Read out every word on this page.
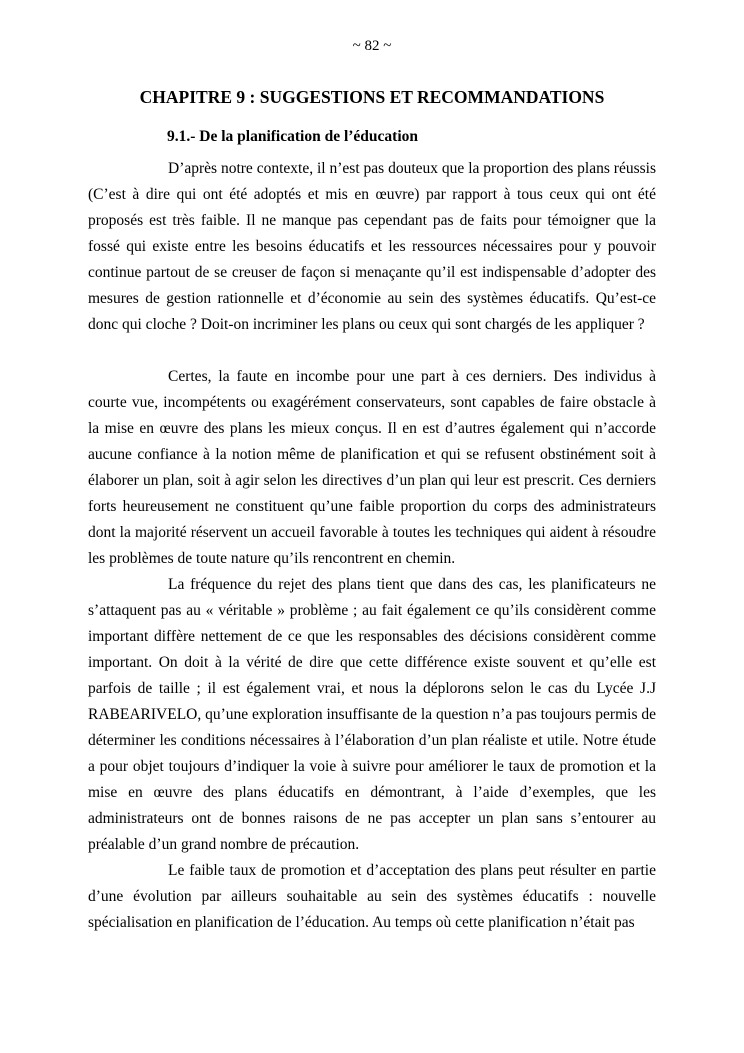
~ 82 ~
CHAPITRE 9 : SUGGESTIONS ET RECOMMANDATIONS
9.1.- De la planification de l’éducation

D’après notre contexte, il n’est pas douteux que la proportion des plans réussis (C’est à dire qui ont été adoptés et mis en œuvre) par rapport à tous ceux qui ont été proposés est très faible. Il ne manque pas cependant pas de faits pour témoigner que la fossé qui existe entre les besoins éducatifs et les ressources nécessaires pour y pouvoir continue partout de se creuser de façon si menaçante qu’il est indispensable d’adopter des mesures de gestion rationnelle et d’économie au sein des systèmes éducatifs. Qu’est-ce donc qui cloche ? Doit-on incriminer les plans ou ceux qui sont chargés de les appliquer ?

Certes, la faute en incombe pour une part à ces derniers. Des individus à courte vue, incompétents ou exagérément conservateurs, sont capables de faire obstacle à la mise en œuvre des plans les mieux conçus. Il en est d’autres également qui n’accorde aucune confiance à la notion même de planification et qui se refusent obstinément soit à élaborer un plan, soit à agir selon les directives d’un plan qui leur est prescrit. Ces derniers forts heureusement ne constituent qu’une faible proportion du corps des administrateurs dont la majorité réservent un accueil favorable à toutes les techniques qui aident à résoudre les problèmes de toute nature qu’ils rencontrent en chemin.

La fréquence du rejet des plans tient que dans des cas, les planificateurs ne s’attaquent pas au « véritable » problème ; au fait également ce qu’ils considèrent comme important diffère nettement de ce que les responsables des décisions considèrent comme important. On doit à la vérité de dire que cette différence existe souvent et qu’elle est parfois de taille ; il est également vrai, et nous la déplorons selon le cas du Lycée J.J RABEARIVELO, qu’une exploration insuffisante de la question n’a pas toujours permis de déterminer les conditions nécessaires à l’élaboration d’un plan réaliste et utile. Notre étude a pour objet toujours d’indiquer la voie à suivre pour améliorer le taux de promotion et la mise en œuvre des plans éducatifs en démontrant, à l’aide d’exemples, que les administrateurs ont de bonnes raisons de ne pas accepter un plan sans s’entourer au préalable d’un grand nombre de précaution.

Le faible taux de promotion et d’acceptation des plans peut résulter en partie d’une évolution par ailleurs souhaitable au sein des systèmes éducatifs : nouvelle spécialisation en planification de l’éducation. Au temps où cette planification n’était pas
